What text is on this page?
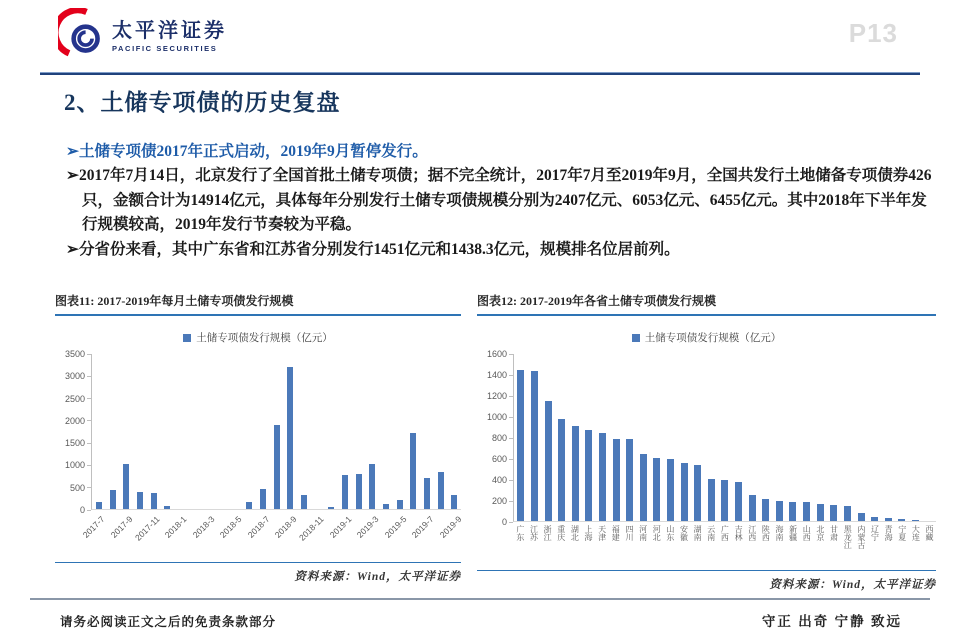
太平洋证券
PACIFIC SECURITIES
P13
2、土储专项债的历史复盘

➢土储专项债2017年正式启动，2019年9月暂停发行。

➢2017年7月14日，北京发行了全国首批土储专项债；据不完全统计，2017年7月至2019年9月，全国共发行土地储备专项债券426只，金额合计为14914亿元，具体每年分别发行土储专项债规模分别为2407亿元、6053亿元、6455亿元。其中2018年下半年发行规模较高，2019年发行节奏较为平稳。

➢分省份来看，其中广东省和江苏省分别发行1451亿元和1438.3亿元，规模排名位居前列。

图表11: 2017-2019年每月土储专项债发行规模
土储专项债发行规模（亿元）
3500
3000
2500
2000
1500
1000
500
0
2017-7 2017-9
2017-11 2018-1 2018-3 2018-5 2018-7 2018-9
2018-11 2019-1 2019-3 2019-5 2019-7 2019-9
资料来源：Wind，太平洋证券
图表12: 2017-2019年各省土储专项债发行规模
土储专项债发行规模（亿元）
1600
1400
1200
1000
800
600
400
200
0
广东 江苏 浙江 重庆 湖北 上海 天津 福建 四川 河南 河北 山东 安徽 湖南 云南 广西 吉林 江西 陕西 海南 新疆 山西 北京 甘肃 黑龙江 内蒙古 辽宁 青海 宁夏 大连 西藏
资料来源：Wind，太平洋证券
请务必阅读正文之后的免责条款部分	守正 出奇 宁静 致远
